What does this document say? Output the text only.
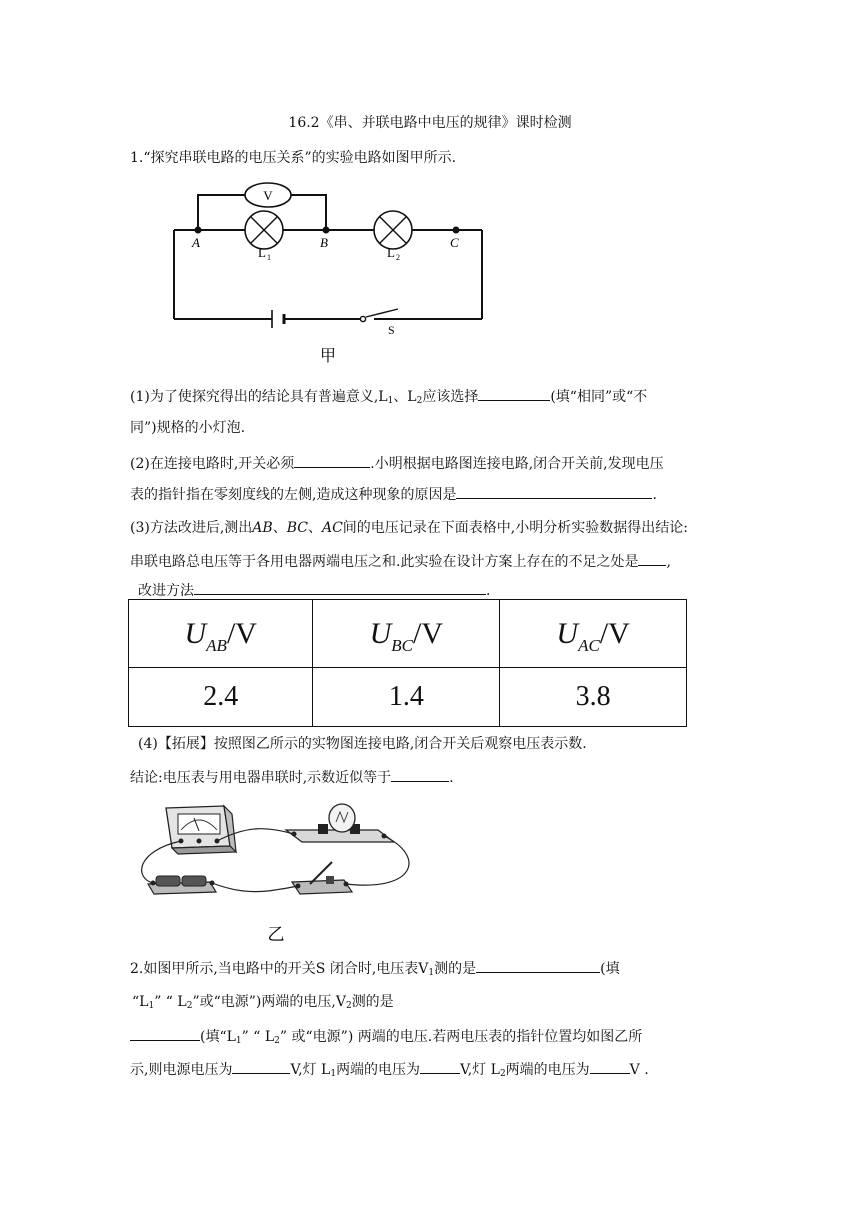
16.2《串、并联电路中电压的规律》课时检测
1.“探究串联电路的电压关系”的实验电路如图甲所示.
V
A	B	C
L 1	L 2
S
甲
(1)为了使探究得出的结论具有普遍意义$,L_1$、$L_2$应该选择	(填“相同”或“不
同”)规格的小灯泡.
(2)在连接电路时,开关必须	.小明根据电路图连接电路,闭合开关前,发现电压
表的指针指在零刻度线的左侧,造成这种现象的原因是	.
(3)方法改进后,测出AB、BC、AC间的电压记录在下面表格中,小明分析实验数据得出结论:
串联电路总电压等于各用电器两端电压之和.此实验在设计方案上存在的不足之处是 ,
改进方法	.
$U_{AB}/V$	$U_{BC}/V$	$U_{AC}/V$
2.4	1.4	3.8
(4)【拓展】按照图乙所示的实物图连接电路,闭合开关后观察电压表示数.
结论:电压表与用电器串联时,示数近似等于	.
乙
2.如图甲所示,当电路中的开关S 闭合时,电压表$V_1$测的是	(填
“$L_1$” “ $L_2$”或“电源”)两端的电压$,V_2$测的是
(填“$L_1$” “ $L_2$” 或“电源”) 两端的电压.若两电压表的指针位置均如图乙所
示,则电源电压为	V,灯 $L_1$两端的电压为	V,灯 $L_2$两端的电压为	V .
